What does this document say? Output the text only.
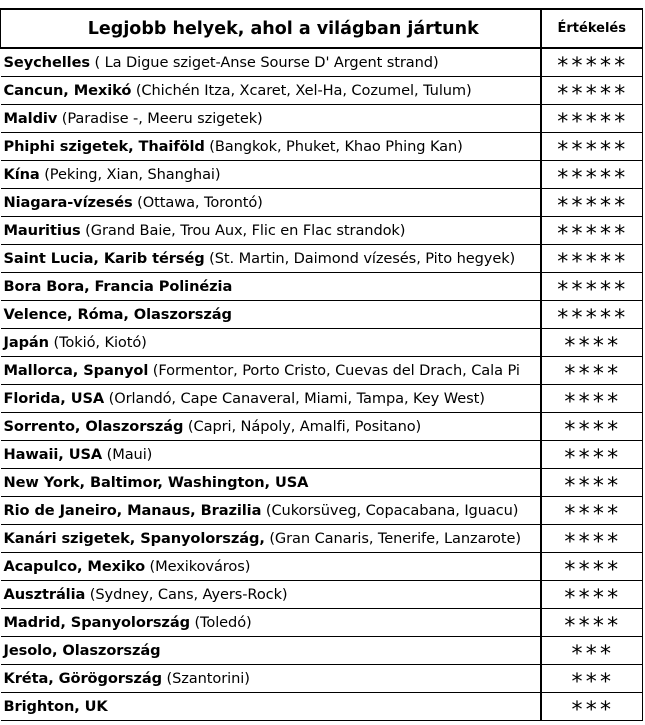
Legjobb helyek, ahol a világban jártunk	Értékelés
Seychelles ( La Digue sziget-Anse Sourse D' Argent strand)	*****
Cancun, Mexikó (Chichén Itza, Xcaret, Xel-Ha, Cozumel, Tulum)	*****
Maldiv (Paradise -, Meeru szigetek)	*****
Phiphi szigetek, Thaiföld (Bangkok, Phuket, Khao Phing Kan)	*****
Kína (Peking, Xian, Shanghai)	*****
Niagara-vízesés (Ottawa, Torontó)	*****
Mauritius (Grand Baie, Trou Aux, Flic en Flac strandok)	*****
Saint Lucia, Karib térség (St. Martin, Daimond vízesés, Pito hegyek)	*****
Bora Bora, Francia Polinézia	*****
Velence, Róma, Olaszország	*****
Japán (Tokió, Kiotó)	****
Mallorca, Spanyol (Formentor, Porto Cristo, Cuevas del Drach, Cala Pi	****
Florida, USA (Orlandó, Cape Canaveral, Miami, Tampa, Key West)	****
Sorrento, Olaszország (Capri, Nápoly, Amalfi, Positano)	****
Hawaii, USA (Maui)	****
New York, Baltimor, Washington, USA	****
Rio de Janeiro, Manaus, Brazilia (Cukorsüveg, Copacabana, Iguacu)	****
Kanári szigetek, Spanyolország, (Gran Canaris, Tenerife, Lanzarote)	****
Acapulco, Mexiko (Mexikováros)	****
Ausztrália (Sydney, Cans, Ayers-Rock)	****
Madrid, Spanyolország (Toledó)	****
Jesolo, Olaszország	***
Kréta, Görögország (Szantorini)	***
Brighton, UK	***
